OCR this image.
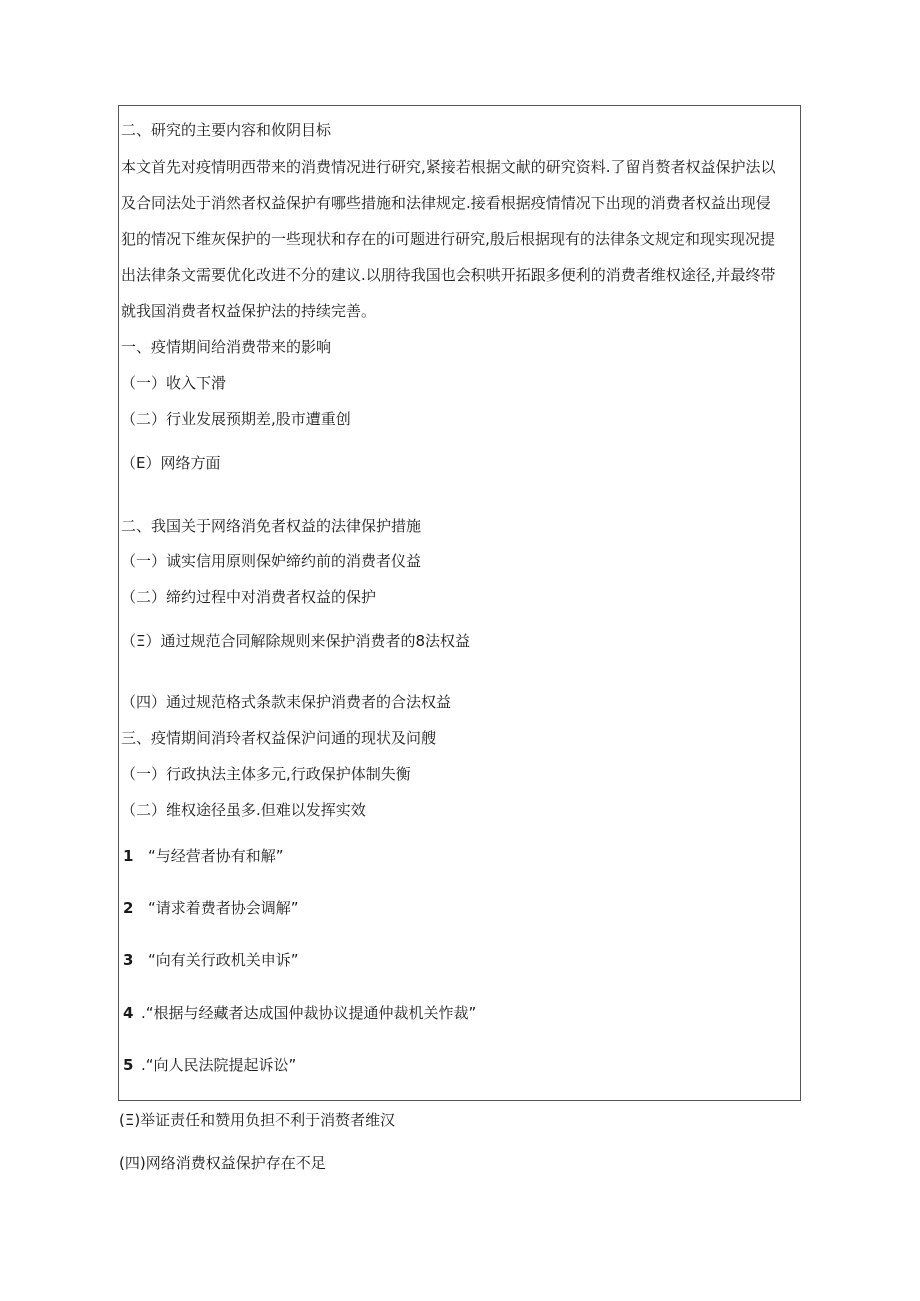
二、研究的主要内容和攸阴目标
本文首先对疫情明西带来的消费情况进行研究,紧接若根据文献的研究资料.了留肖赘者权益保护法以
及合同法处于消然者权益保护有哪些措施和法律规定.接看根据疫情情况下出现的消费者权益出现侵
犯的情况下维灰保护的一些现状和存在的i可题进行研究,殷后根据现有的法律条文规定和现实现况提
出法律条文需要优化改进不分的建议.以朋待我国也会积哄开拓跟多便利的消费者维权途径,并最终带
就我国消费者权益保护法的持续完善。
一、疫情期间给消费带来的影响
（一）收入下滑
（二）行业发展预期差,股市遭重创
（E）网络方面
二、我国关于网络消免者权益的法律保护措施
（一）诚实信用原则保妒缔约前的消费者仪益
（二）缔约过程中对消费者权益的保护
（Ξ）通过规范合同解除规则来保护消费者的8法权益
（四）通过规范格式条款耒保护消费者的合法权益
三、疫情期间消玲者权益保沪问通的现状及问艘
（一）行政执法主体多元,行政保护体制失衡
（二）维权途径虽多.但难以发挥实效
1 “与经营者协有和解”
2 “请求着费者协会调解”
3 “向有关行政机关申诉”
4 .“根据与经藏者达成国仲裁协议提通仲裁机关怍裁”
5 .“向人民法院提起诉讼”
(Ξ)举证责任和赞用负担不利于消赘者维汉
(四)网络消费权益保护存在不足
